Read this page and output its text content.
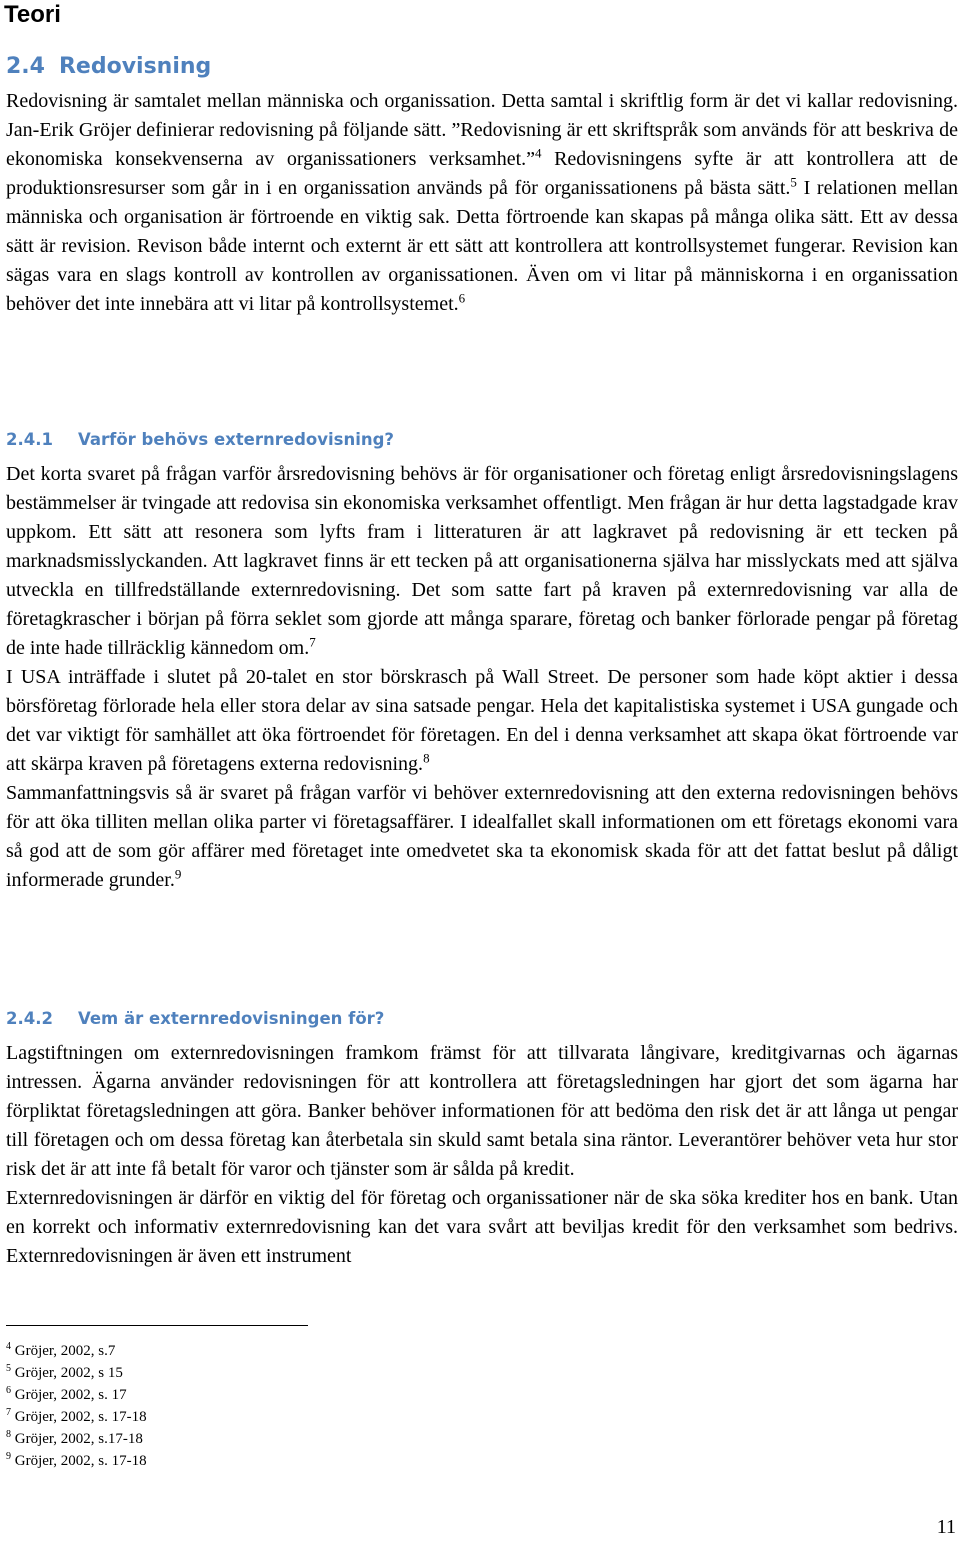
Teori
2.4 Redovisning

Redovisning är samtalet mellan människa och organissation. Detta samtal i skriftlig form är det vi kallar redovisning. Jan-Erik Gröjer definierar redovisning på följande sätt. ”Redovisning är ett skriftspråk som används för att beskriva de ekonomiska konsekvenserna av organissationers verksamhet.”$^4$ Redovisningens syfte är att kontrollera att de produktionsresurser som går in i en organissation används på för organissationens på bästa sätt.$^5$ I relationen mellan människa och organisation är förtroende en viktig sak. Detta förtroende kan skapas på många olika sätt. Ett av dessa sätt är revision. Revison både internt och externt är ett sätt att kontrollera att kontrollsystemet fungerar. Revision kan sägas vara en slags kontroll av kontrollen av organissationen. Även om vi litar på människorna i en organissation behöver det inte innebära att vi litar på kontrollsystemet.$^6$

2.4.1 Varför behövs externredovisning?

Det korta svaret på frågan varför årsredovisning behövs är för organisationer och företag enligt årsredovisningslagens bestämmelser är tvingade att redovisa sin ekonomiska verksamhet offentligt. Men frågan är hur detta lagstadgade krav uppkom. Ett sätt att resonera som lyfts fram i litteraturen är att lagkravet på redovisning är ett tecken på marknadsmisslyckanden. Att lagkravet finns är ett tecken på att organisationerna själva har misslyckats med att själva utveckla en tillfredställande externredovisning. Det som satte fart på kraven på externredovisning var alla de företagkrascher i början på förra seklet som gjorde att många sparare, företag och banker förlorade pengar på företag de inte hade tillräcklig kännedom om.$^7$

I USA inträffade i slutet på 20-talet en stor börskrasch på Wall Street. De personer som hade köpt aktier i dessa börsföretag förlorade hela eller stora delar av sina satsade pengar. Hela det kapitalistiska systemet i USA gungade och det var viktigt för samhället att öka förtroendet för företagen. En del i denna verksamhet att skapa ökat förtroende var att skärpa kraven på företagens externa redovisning.$^8$

Sammanfattningsvis så är svaret på frågan varför vi behöver externredovisning att den externa redovisningen behövs för att öka tilliten mellan olika parter vi företagsaffärer. I idealfallet skall informationen om ett företags ekonomi vara så god att de som gör affärer med företaget inte omedvetet ska ta ekonomisk skada för att det fattat beslut på dåligt informerade grunder.$^9$

2.4.2 Vem är externredovisningen för?

Lagstiftningen om externredovisningen framkom främst för att tillvarata långivare, kreditgivarnas och ägarnas intressen. Ägarna använder redovisningen för att kontrollera att företagsledningen har gjort det som ägarna har förpliktat företagsledningen att göra. Banker behöver informationen för att bedöma den risk det är att långa ut pengar till företagen och om dessa företag kan återbetala sin skuld samt betala sina räntor. Leverantörer behöver veta hur stor risk det är att inte få betalt för varor och tjänster som är sålda på kredit.

Externredovisningen är därför en viktig del för företag och organissationer när de ska söka krediter hos en bank. Utan en korrekt och informativ externredovisning kan det vara svårt att beviljas kredit för den verksamhet som bedrivs. Externredovisningen är även ett instrument

$^4$ Gröjer, 2002, s.7
$^5$ Gröjer, 2002, s 15
$^6$ Gröjer, 2002, s. 17
$^7$ Gröjer, 2002, s. 17-18
$^8$ Gröjer, 2002, s.17-18
$^9$ Gröjer, 2002, s. 17-18
11
